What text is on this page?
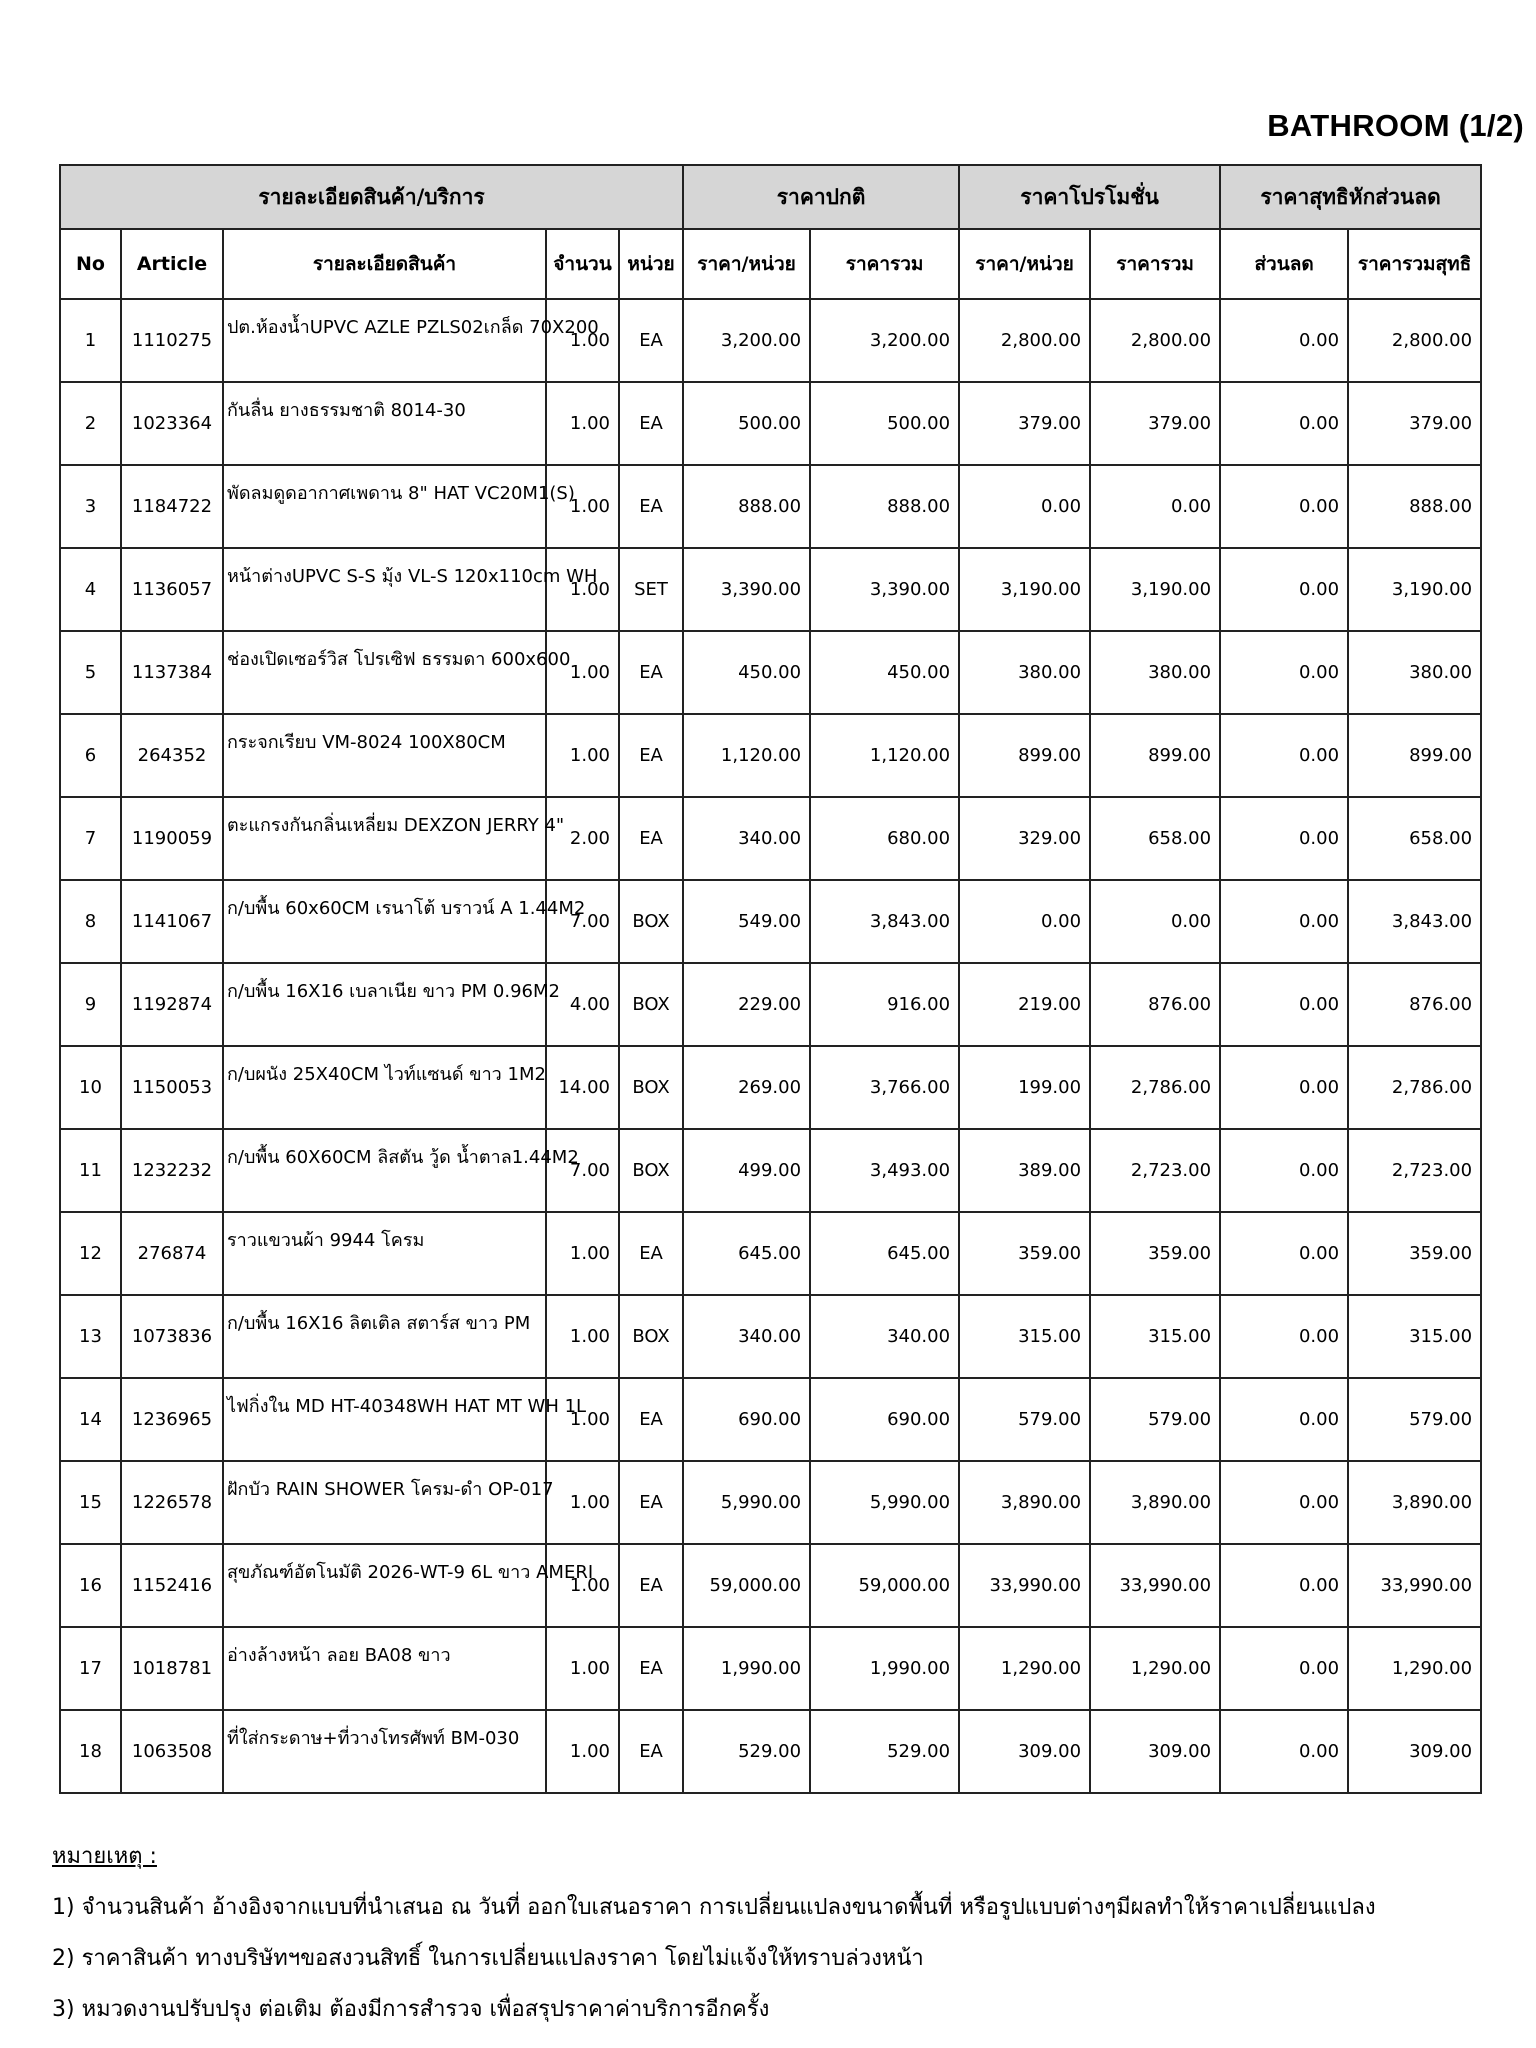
BATHROOM (1/2)
รายละเอียดสินค้า/บริการ					ราคาปกติ		ราคาโปรโมชั่น		ราคาสุทธิหักส่วนลด	
No	Article	รายละเอียดสินค้า	จำนวน	หน่วย	ราคา/หน่วย	ราคารวม	ราคา/หน่วย	ราคารวม	ส่วนลด	ราคารวมสุทธิ
1	1110275	ปต.ห้องน้ำUPVC AZLE PZLS02เกล็ด 70X200	1.00	EA	3,200.00	3,200.00	2,800.00	2,800.00	0.00	2,800.00
2	1023364	กันลื่น ยางธรรมชาติ 8014-30	1.00	EA	500.00	500.00	379.00	379.00	0.00	379.00
3	1184722	พัดลมดูดอากาศเพดาน 8" HAT VC20M1(S)	1.00	EA	888.00	888.00	0.00	0.00	0.00	888.00
4	1136057	หน้าต่างUPVC S-S มุ้ง VL-S 120x110cm WH	1.00	SET	3,390.00	3,390.00	3,190.00	3,190.00	0.00	3,190.00
5	1137384	ช่องเปิดเซอร์วิส โปรเซิฟ ธรรมดา 600x600	1.00	EA	450.00	450.00	380.00	380.00	0.00	380.00
6	264352	กระจกเรียบ VM-8024 100X80CM	1.00	EA	1,120.00	1,120.00	899.00	899.00	0.00	899.00
7	1190059	ตะแกรงกันกลิ่นเหลี่ยม DEXZON JERRY 4"	2.00	EA	340.00	680.00	329.00	658.00	0.00	658.00
8	1141067	ก/บพื้น 60x60CM เรนาโต้ บราวน์ A 1.44M2	7.00	BOX	549.00	3,843.00	0.00	0.00	0.00	3,843.00
9	1192874	ก/บพื้น 16X16 เบลาเนีย ขาว PM 0.96M2	4.00	BOX	229.00	916.00	219.00	876.00	0.00	876.00
10	1150053	ก/บผนัง 25X40CM ไวท์แซนด์ ขาว 1M2	14.00	BOX	269.00	3,766.00	199.00	2,786.00	0.00	2,786.00
11	1232232	ก/บพื้น 60X60CM ลิสตัน วู้ด น้ำตาล1.44M2	7.00	BOX	499.00	3,493.00	389.00	2,723.00	0.00	2,723.00
12	276874	ราวแขวนผ้า 9944 โครม	1.00	EA	645.00	645.00	359.00	359.00	0.00	359.00
13	1073836	ก/บพื้น 16X16 ลิตเติล สตาร์ส ขาว PM	1.00	BOX	340.00	340.00	315.00	315.00	0.00	315.00
14	1236965	ไฟกิ่งใน MD HT-40348WH HAT MT WH 1L	1.00	EA	690.00	690.00	579.00	579.00	0.00	579.00
15	1226578	ฝักบัว RAIN SHOWER โครม-ดำ OP-017	1.00	EA	5,990.00	5,990.00	3,890.00	3,890.00	0.00	3,890.00
16	1152416	สุขภัณฑ์อัตโนมัติ 2026-WT-9 6L ขาว AMERI	1.00	EA	59,000.00	59,000.00	33,990.00	33,990.00	0.00	33,990.00
17	1018781	อ่างล้างหน้า ลอย BA08 ขาว	1.00	EA	1,990.00	1,990.00	1,290.00	1,290.00	0.00	1,290.00
18	1063508	ที่ใส่กระดาษ+ที่วางโทรศัพท์ BM-030	1.00	EA	529.00	529.00	309.00	309.00	0.00	309.00
หมายเหตุ :
1) จำนวนสินค้า อ้างอิงจากแบบที่นำเสนอ ณ วันที่ ออกใบเสนอราคา การเปลี่ยนแปลงขนาดพื้นที่ หรือรูปแบบต่างๆมีผลทำให้ราคาเปลี่ยนแปลง
2) ราคาสินค้า ทางบริษัทฯขอสงวนสิทธิ์ ในการเปลี่ยนแปลงราคา โดยไม่แจ้งให้ทราบล่วงหน้า
3) หมวดงานปรับปรุง ต่อเติม ต้องมีการสำรวจ เพื่อสรุปราคาค่าบริการอีกครั้ง
